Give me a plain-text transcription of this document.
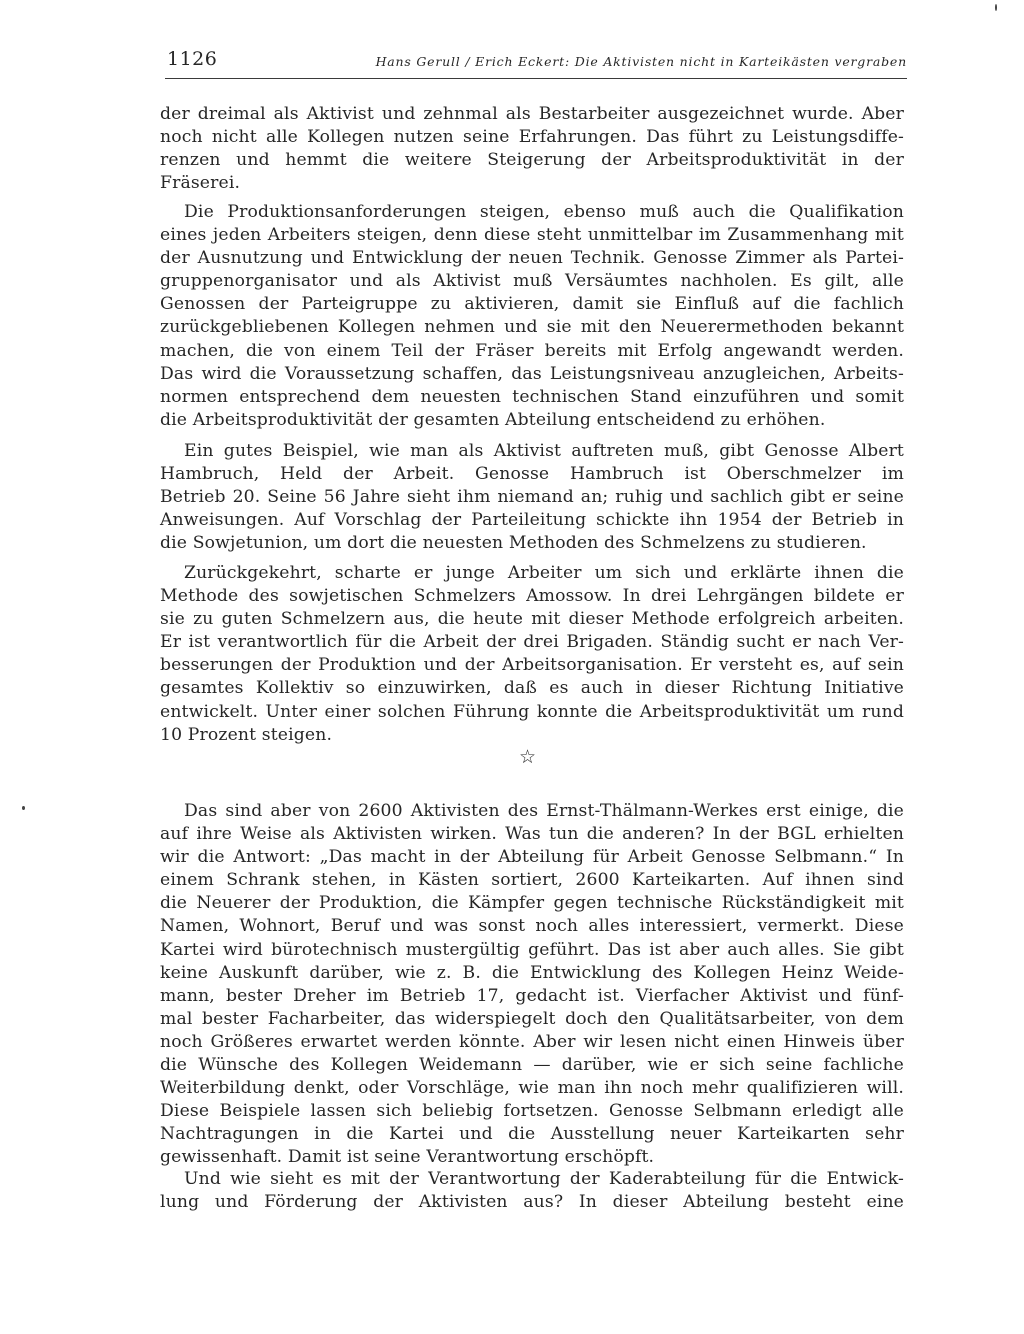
1126	Hans Gerull / Erich Eckert: Die Aktivisten nicht in Karteikästen vergraben
der dreimal als Aktivist und zehnmal als Bestarbeiter ausgezeichnet wurde. Aber
noch nicht alle Kollegen nutzen seine Erfahrungen. Das führt zu Leistungsdiffe-
renzen und hemmt die weitere Steigerung der Arbeitsproduktivität in der
Fräserei.
Die Produktionsanforderungen steigen, ebenso muß auch die Qualifikation
eines jeden Arbeiters steigen, denn diese steht unmittelbar im Zusammenhang mit
der Ausnutzung und Entwicklung der neuen Technik. Genosse Zimmer als Partei-
gruppenorganisator und als Aktivist muß Versäumtes nachholen. Es gilt, alle
Genossen der Parteigruppe zu aktivieren, damit sie Einfluß auf die fachlich
zurückgebliebenen Kollegen nehmen und sie mit den Neuerermethoden bekannt
machen, die von einem Teil der Fräser bereits mit Erfolg angewandt werden.
Das wird die Voraussetzung schaffen, das Leistungsniveau anzugleichen, Arbeits-
normen entsprechend dem neuesten technischen Stand einzuführen und somit
die Arbeitsproduktivität der gesamten Abteilung entscheidend zu erhöhen.
Ein gutes Beispiel, wie man als Aktivist auftreten muß, gibt Genosse Albert
Hambruch, Held der Arbeit. Genosse Hambruch ist Oberschmelzer im
Betrieb 20. Seine 56 Jahre sieht ihm niemand an; ruhig und sachlich gibt er seine
Anweisungen. Auf Vorschlag der Parteileitung schickte ihn 1954 der Betrieb in
die Sowjetunion, um dort die neuesten Methoden des Schmelzens zu studieren.
Zurückgekehrt, scharte er junge Arbeiter um sich und erklärte ihnen die
Methode des sowjetischen Schmelzers Amossow. In drei Lehrgängen bildete er
sie zu guten Schmelzern aus, die heute mit dieser Methode erfolgreich arbeiten.
Er ist verantwortlich für die Arbeit der drei Brigaden. Ständig sucht er nach Ver-
besserungen der Produktion und der Arbeitsorganisation. Er versteht es, auf sein
gesamtes Kollektiv so einzuwirken, daß es auch in dieser Richtung Initiative
entwickelt. Unter einer solchen Führung konnte die Arbeitsproduktivität um rund
10 Prozent steigen.
☆
Das sind aber von 2600 Aktivisten des Ernst-Thälmann-Werkes erst einige, die
auf ihre Weise als Aktivisten wirken. Was tun die anderen? In der BGL erhielten
wir die Antwort: „Das macht in der Abteilung für Arbeit Genosse Selbmann.“ In
einem Schrank stehen, in Kästen sortiert, 2600 Karteikarten. Auf ihnen sind
die Neuerer der Produktion, die Kämpfer gegen technische Rückständigkeit mit
Namen, Wohnort, Beruf und was sonst noch alles interessiert, vermerkt. Diese
Kartei wird bürotechnisch mustergültig geführt. Das ist aber auch alles. Sie gibt
keine Auskunft darüber, wie z. B. die Entwicklung des Kollegen Heinz Weide-
mann, bester Dreher im Betrieb 17, gedacht ist. Vierfacher Aktivist und fünf-
mal bester Facharbeiter, das widerspiegelt doch den Qualitätsarbeiter, von dem
noch Größeres erwartet werden könnte. Aber wir lesen nicht einen Hinweis über
die Wünsche des Kollegen Weidemann — darüber, wie er sich seine fachliche
Weiterbildung denkt, oder Vorschläge, wie man ihn noch mehr qualifizieren will.
Diese Beispiele lassen sich beliebig fortsetzen. Genosse Selbmann erledigt alle
Nachtragungen in die Kartei und die Ausstellung neuer Karteikarten sehr
gewissenhaft. Damit ist seine Verantwortung erschöpft.
Und wie sieht es mit der Verantwortung der Kaderabteilung für die Entwick-
lung und Förderung der Aktivisten aus? In dieser Abteilung besteht eine
